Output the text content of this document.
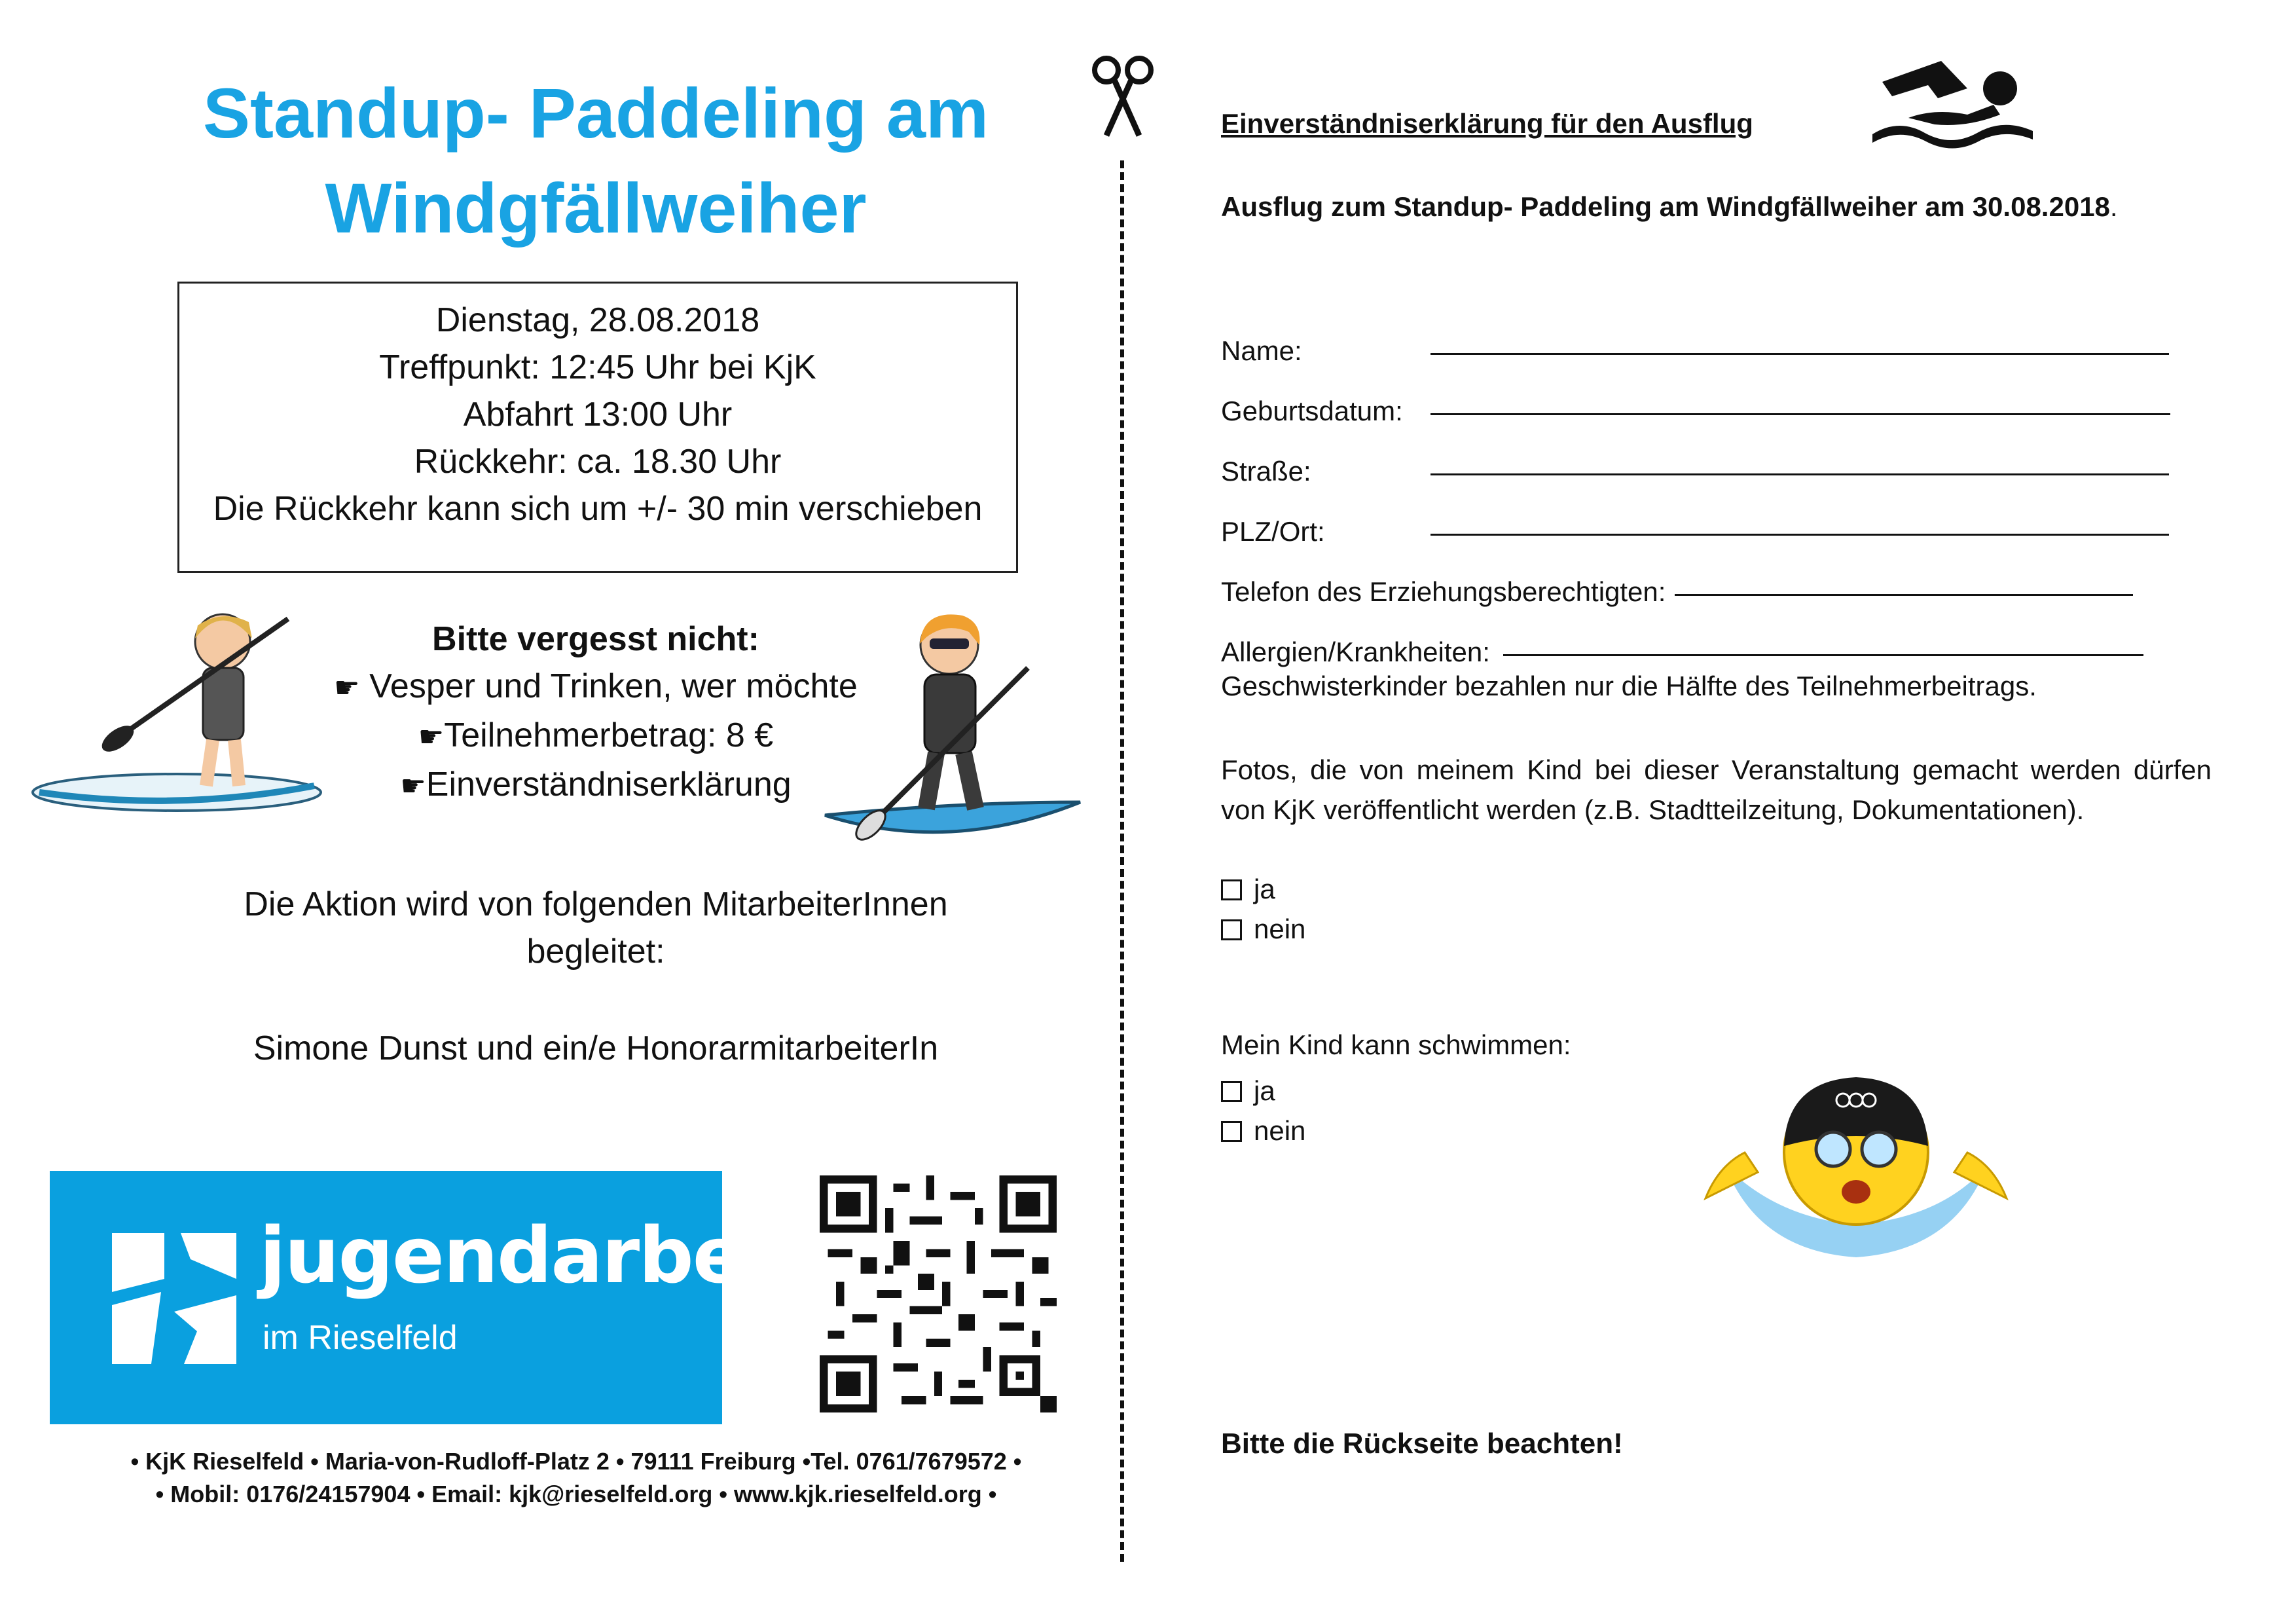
Standup- Paddeling am
Windgfällweiher
Dienstag, 28.08.2018
Treffpunkt: 12:45 Uhr bei KjK
Abfahrt 13:00 Uhr
Rückkehr: ca. 18.30 Uhr
Die Rückkehr kann sich um +/- 30 min verschieben
Bitte vergesst nicht:
☛ Vesper und Trinken, wer möchte
☛Teilnehmerbetrag: 8 €
☛Einverständniserklärung
Die Aktion wird von folgenden MitarbeiterInnen
begleitet:
Simone Dunst und ein/e HonorarmitarbeiterIn
jugendarbeit
im Rieselfeld
• KjK Rieselfeld • Maria-von-Rudloff-Platz 2 • 79111 Freiburg •Tel. 0761/7679572 •
• Mobil: 0176/24157904 • Email: kjk@rieselfeld.org • www.kjk.rieselfeld.org •
Einverständniserklärung für den Ausflug
Ausflug zum Standup- Paddeling am Windgfällweiher am 30.08.2018.
Name:
Geburtsdatum:
Straße:
PLZ/Ort:
Telefon des Erziehungsberechtigten:
Allergien/Krankheiten:
Geschwisterkinder bezahlen nur die Hälfte des Teilnehmerbeitrags.
Fotos, die von meinem Kind bei dieser Veranstaltung gemacht werden dürfen von KjK veröffentlicht werden (z.B. Stadtteilzeitung, Dokumentationen).
ja
nein
Mein Kind kann schwimmen:
ja
nein
Bitte die Rückseite beachten!
